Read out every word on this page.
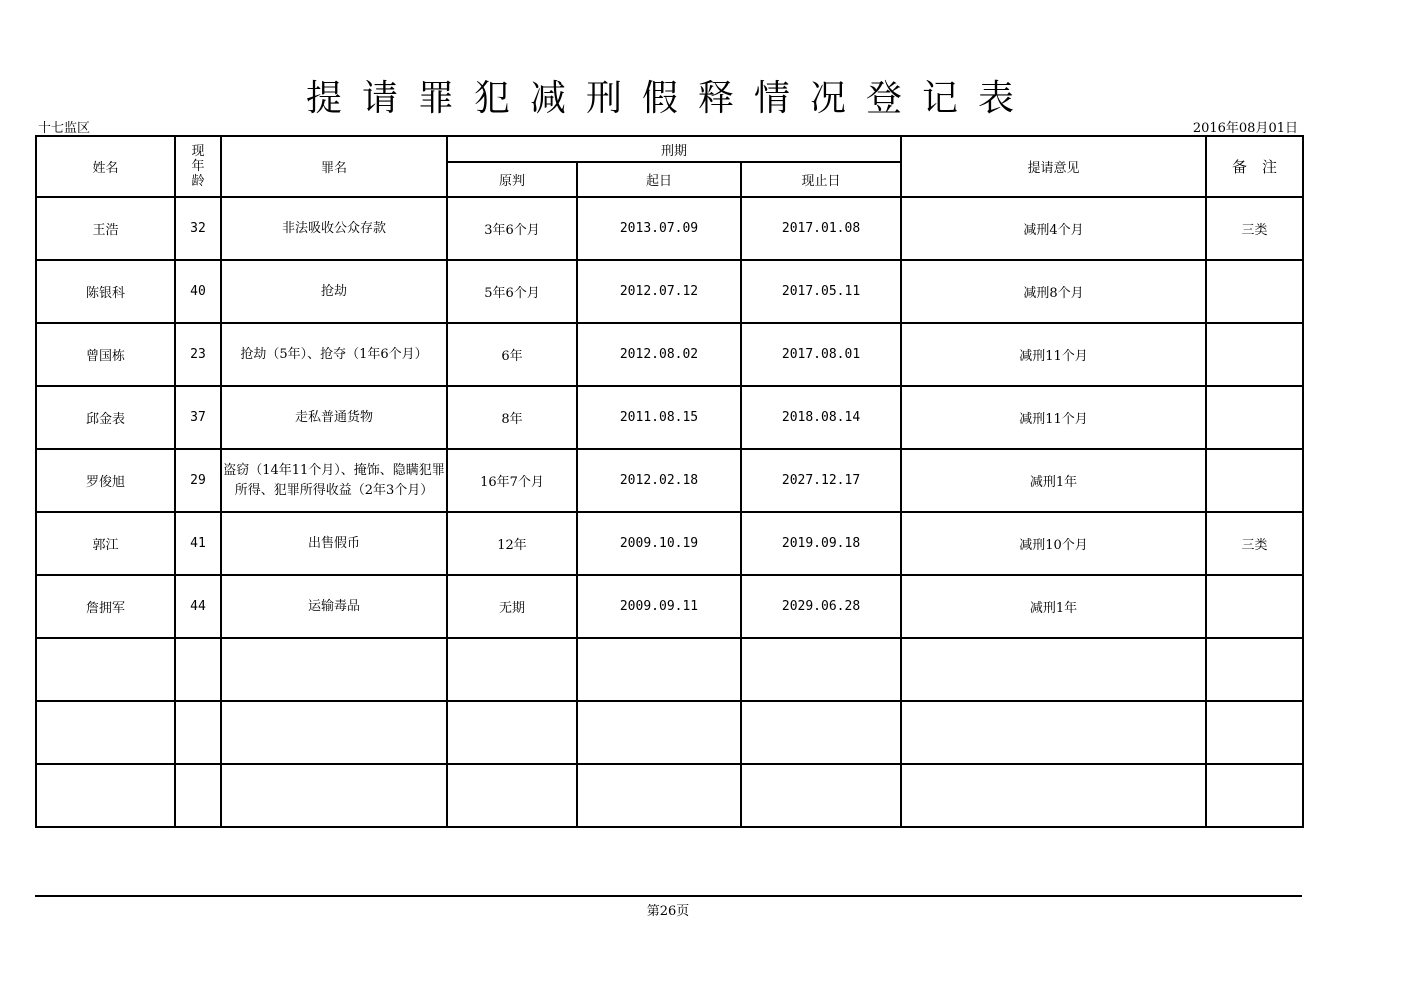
提请罪犯减刑假释情况登记表
十七监区	2016年08月01日
姓名	现年龄	罪名	刑期			提请意见	备　注
			原判	起日	现止日		
王浩	32	非法吸收公众存款	3年6个月	2013.07.09	2017.01.08	减刑4个月	三类
陈银科	40	抢劫	5年6个月	2012.07.12	2017.05.11	减刑8个月	
曾国栋	23	抢劫（5年）、抢夺（1年6个月）	6年	2012.08.02	2017.08.01	减刑11个月	
邱金表	37	走私普通货物	8年	2011.08.15	2018.08.14	减刑11个月	
罗俊旭	29	盗窃（14年11个月）、掩饰、隐瞒犯罪所得、犯罪所得收益（2年3个月）	16年7个月	2012.02.18	2027.12.17	减刑1年	
郭江	41	出售假币	12年	2009.10.19	2019.09.18	减刑10个月	三类
詹拥军	44	运输毒品	无期	2009.09.11	2029.06.28	减刑1年	

第26页
